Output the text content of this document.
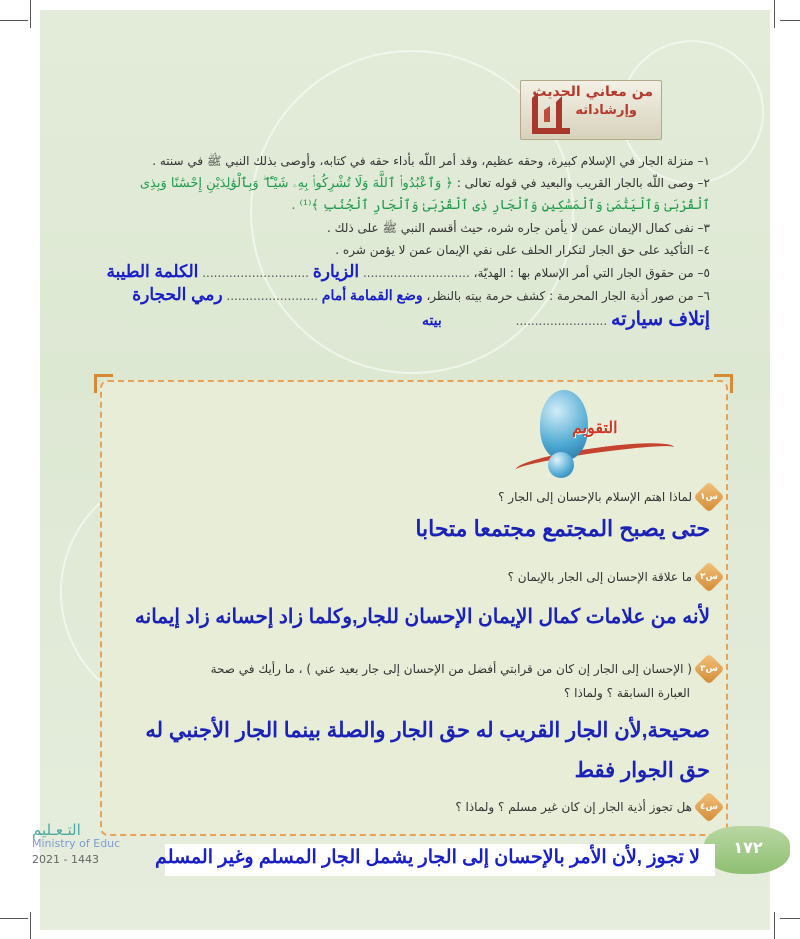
من معاني الحديث
وإرشاداته
١– منزلة الجار في الإسلام كبيرة، وحقه عظيم، وقد أمر اللّه بأداء حقه في كتابه، وأوصى بذلك النبي ﷺ في سنته .
٢– وصى اللّه بالجار القريب والبعيد في قوله تعالى : ﴿ وَٱعْبُدُوا۟ ٱللَّهَ وَلَا تُشْرِكُوا۟ بِهِۦ شَيْـًٔا ۖ وَبِٱلْوَٰلِدَيْنِ إِحْسَٰنًا وَبِذِى
ٱلْقُرْبَىٰ وَٱلْيَتَٰمَىٰ وَٱلْمَسَٰكِينِ وَٱلْجَارِ ذِى ٱلْقُرْبَىٰ وَٱلْجَارِ ٱلْجُنُبِ ﴾⁽¹⁾ .
٣– نفى كمال الإيمان عمن لا يأمن جاره شره، حيث أقسم النبي ﷺ على ذلك .
٤– التأكيد على حق الجار لتكرار الحلف على نفي الإيمان عمن لا يؤمن شره .
٥– من حقوق الجار التي أمر الإسلام بها : الهديّة، ............................ الزيارة ............................ الكلمة الطيبة
٦– من صور أذية الجار المحرمة : كشف حرمة بيته بالنظر، وضع القمامة أمام ........................ رمي الحجارة
إتلاف سيارته ........................ بيته
التقويم
س١
لماذا اهتم الإسلام بالإحسان إلى الجار ؟
حتى يصبح المجتمع مجتمعا متحابا
س٢
ما علاقة الإحسان إلى الجار بالإيمان ؟
لأنه من علامات كمال الإيمان الإحسان للجار,وكلما زاد إحسانه زاد إيمانه
س٣
( الإحسان إلى الجار إن كان من قرابتي أفضل من الإحسان إلى جار بعيد عني ) ، ما رأيك في صحة
العبارة السابقة ؟ ولماذا ؟
صحيحة,لأن الجار القريب له حق الجار والصلة بينما الجار الأجنبي له
حق الجوار فقط
س٤
هل تجوز أذية الجار إن كان غير مسلم ؟ ولماذا ؟
١٧٢
لا تجوز ,لأن الأمر بالإحسان إلى الجار يشمل الجار المسلم وغير المسلم
التـعـليم
Ministry of Educ
2021 - 1443
